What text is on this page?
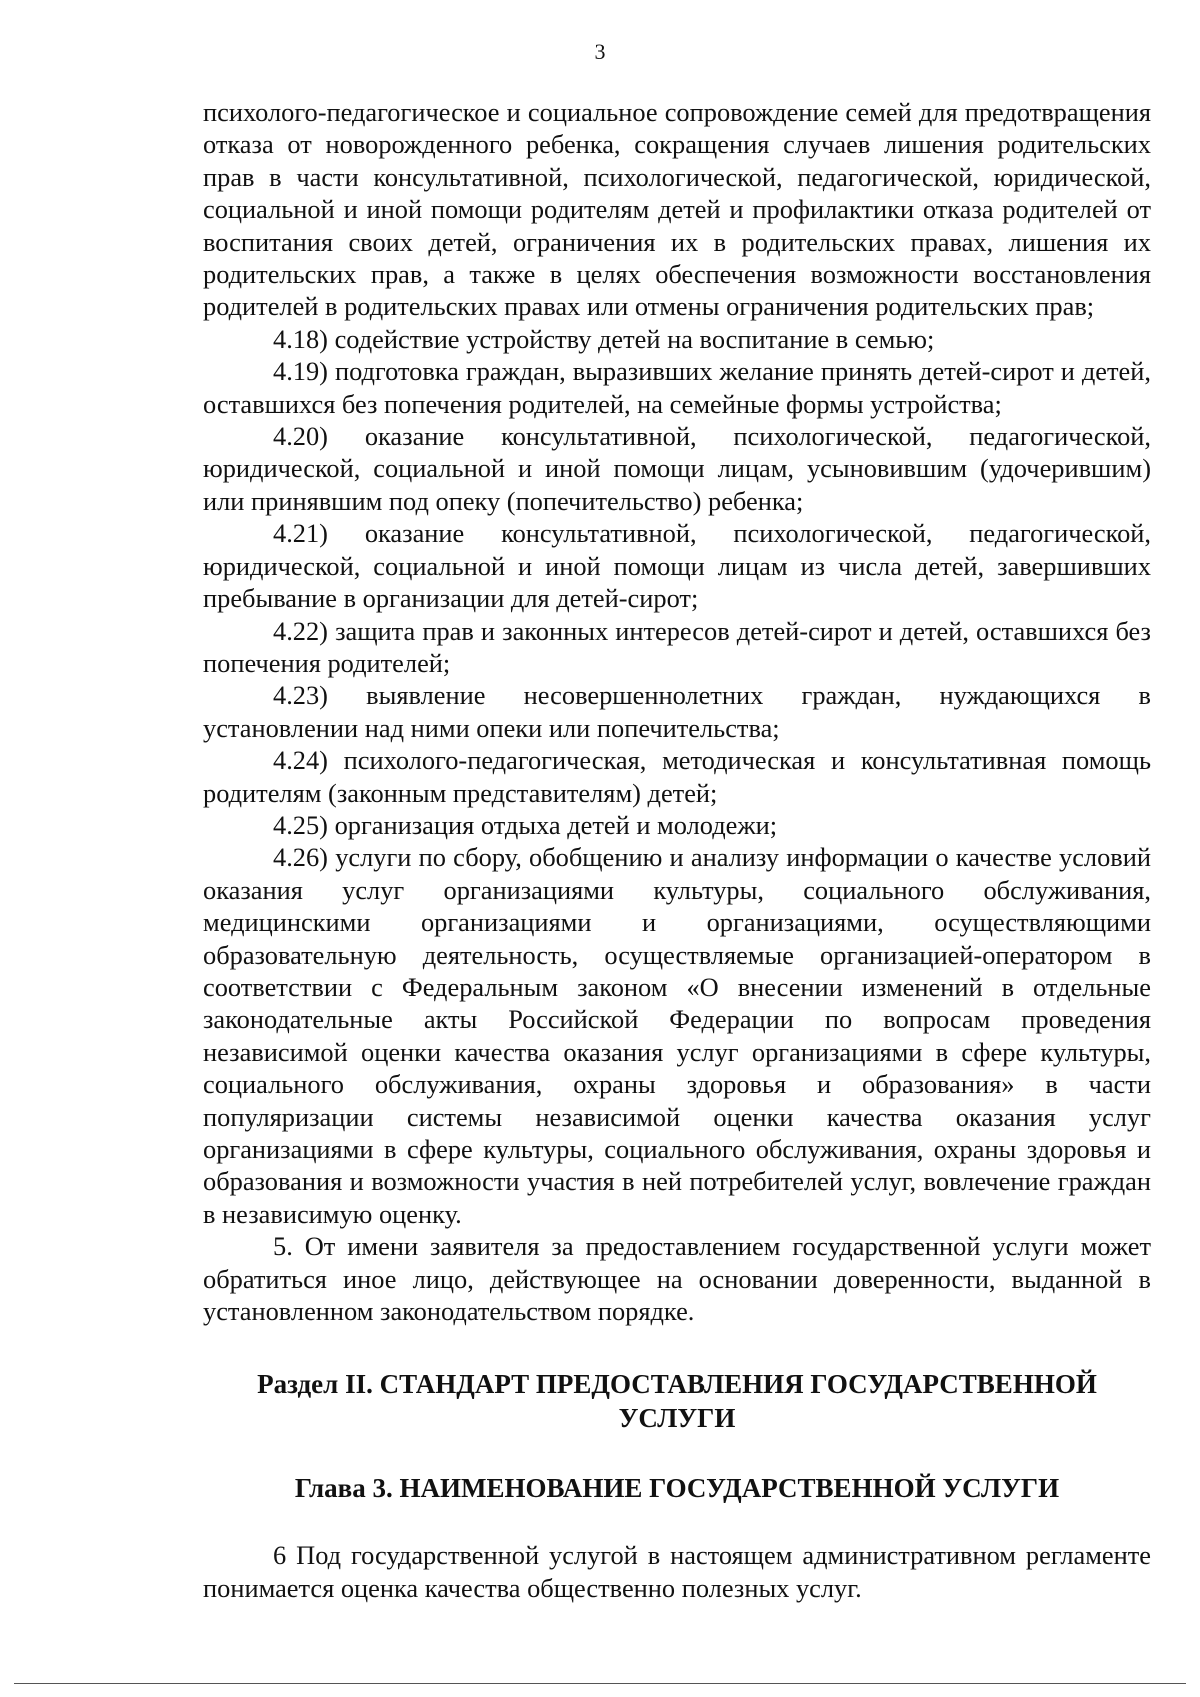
3

психолого-педагогическое и социальное сопровождение семей для предотвращения отказа от новорожденного ребенка, сокращения случаев лишения родительских прав в части консультативной, психологической, педагогической, юридической, социальной и иной помощи родителям детей и профилактики отказа родителей от воспитания своих детей, ограничения их в родительских правах, лишения их родительских прав, а также в целях обеспечения возможности восстановления родителей в родительских правах или отмены ограничения родительских прав;

4.18) содействие устройству детей на воспитание в семью;

4.19) подготовка граждан, выразивших желание принять детей-сирот и детей, оставшихся без попечения родителей, на семейные формы устройства;

4.20) оказание консультативной, психологической, педагогической, юридической, социальной и иной помощи лицам, усыновившим (удочерившим) или принявшим под опеку (попечительство) ребенка;

4.21) оказание консультативной, психологической, педагогической, юридической, социальной и иной помощи лицам из числа детей, завершивших пребывание в организации для детей-сирот;

4.22) защита прав и законных интересов детей-сирот и детей, оставшихся без попечения родителей;

4.23) выявление несовершеннолетних граждан, нуждающихся в установлении над ними опеки или попечительства;

4.24) психолого-педагогическая, методическая и консультативная помощь родителям (законным представителям) детей;

4.25) организация отдыха детей и молодежи;

4.26) услуги по сбору, обобщению и анализу информации о качестве условий оказания услуг организациями культуры, социального обслуживания, медицинскими организациями и организациями, осуществляющими образовательную деятельность, осуществляемые организацией-оператором в соответствии с Федеральным законом «О внесении изменений в отдельные законодательные акты Российской Федерации по вопросам проведения независимой оценки качества оказания услуг организациями в сфере культуры, социального обслуживания, охраны здоровья и образования» в части популяризации системы независимой оценки качества оказания услуг организациями в сфере культуры, социального обслуживания, охраны здоровья и образования и возможности участия в ней потребителей услуг, вовлечение граждан в независимую оценку.

5. От имени заявителя за предоставлением государственной услуги может обратиться иное лицо, действующее на основании доверенности, выданной в установленном законодательством порядке.

Раздел II. СТАНДАРТ ПРЕДОСТАВЛЕНИЯ ГОСУДАРСТВЕННОЙ УСЛУГИ
Глава 3. НАИМЕНОВАНИЕ ГОСУДАРСТВЕННОЙ УСЛУГИ

6 Под государственной услугой в настоящем административном регламенте понимается оценка качества общественно полезных услуг.
